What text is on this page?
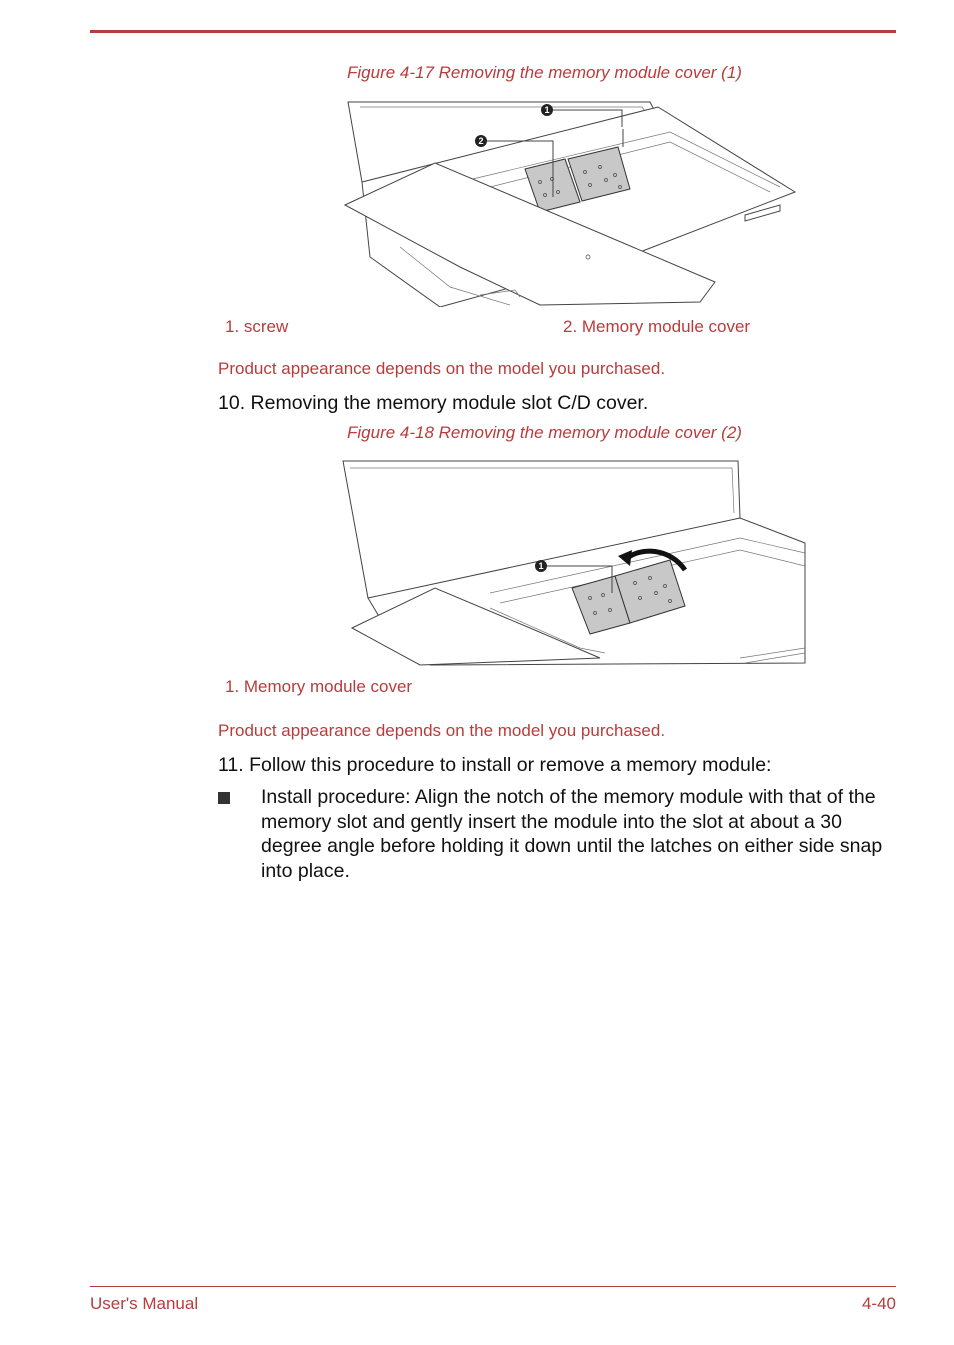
Figure 4-17 Removing the memory module cover (1)
1
2
1. screw	2. Memory module cover
Product appearance depends on the model you purchased.
10. Removing the memory module slot C/D cover.
Figure 4-18 Removing the memory module cover (2)
1
1. Memory module cover
Product appearance depends on the model you purchased.
11. Follow this procedure to install or remove a memory module:
Install procedure: Align the notch of the memory module with that of the memory slot and gently insert the module into the slot at about a 30 degree angle before holding it down until the latches on either side snap into place.
User's Manual	4-40
